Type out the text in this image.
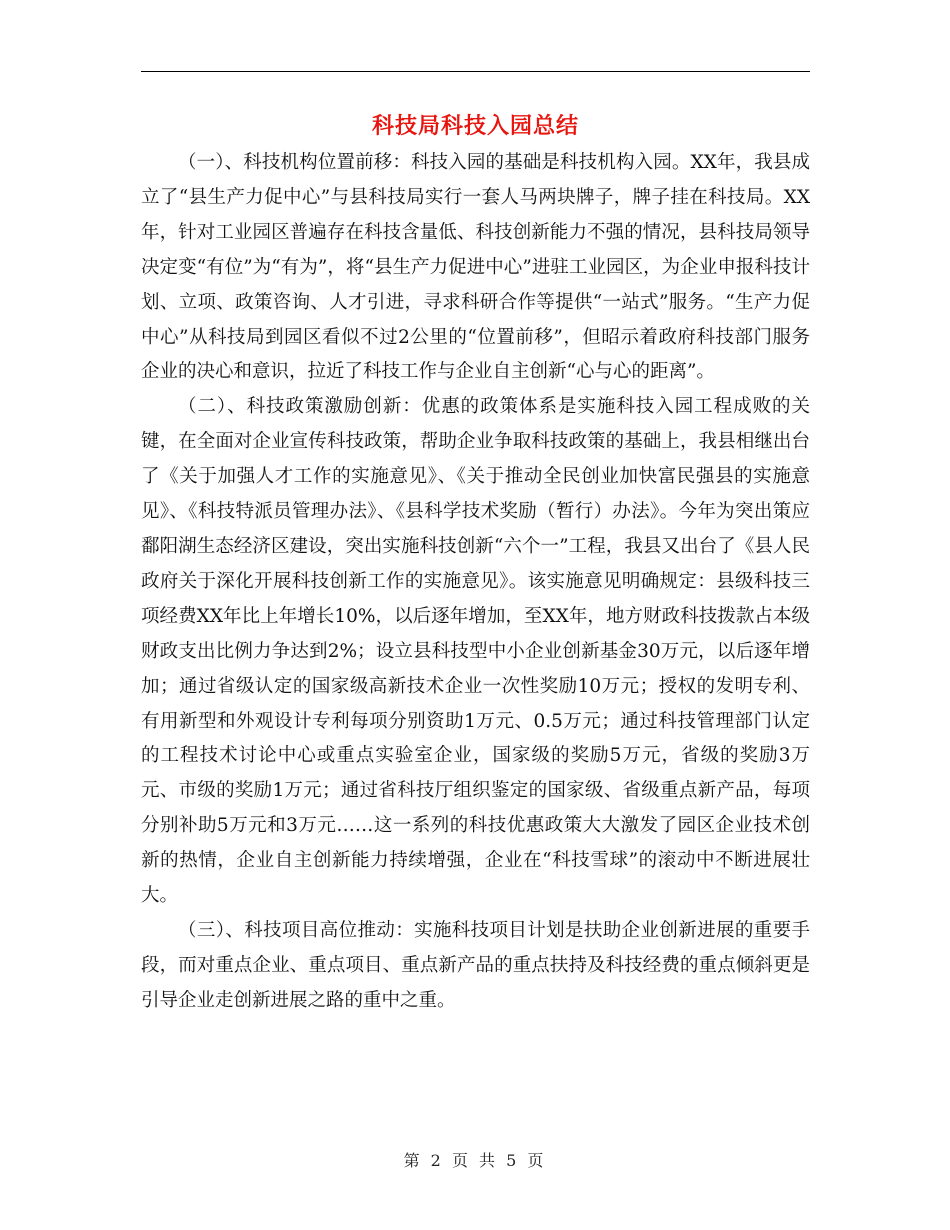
科技局科技入园总结

（一）、科技机构位置前移：科技入园的基础是科技机构入园。XX年，我县成立了“县生产力促中心”与县科技局实行一套人马两块牌子，牌子挂在科技局。XX年，针对工业园区普遍存在科技含量低、科技创新能力不强的情况，县科技局领导决定变“有位”为“有为”，将“县生产力促进中心”进驻工业园区，为企业申报科技计划、立项、政策咨询、人才引进，寻求科研合作等提供“一站式”服务。“生产力促中心”从科技局到园区看似不过2公里的“位置前移”，但昭示着政府科技部门服务企业的决心和意识，拉近了科技工作与企业自主创新“心与心的距离”。

（二）、科技政策激励创新：优惠的政策体系是实施科技入园工程成败的关键，在全面对企业宣传科技政策，帮助企业争取科技政策的基础上，我县相继出台了《关于加强人才工作的实施意见》、《关于推动全民创业加快富民强县的实施意见》、《科技特派员管理办法》、《县科学技术奖励（暂行）办法》。今年为突出策应鄱阳湖生态经济区建设，突出实施科技创新“六个一”工程，我县又出台了《县人民政府关于深化开展科技创新工作的实施意见》。该实施意见明确规定：县级科技三项经费XX年比上年增长10%，以后逐年增加，至XX年，地方财政科技拨款占本级财政支出比例力争达到2%；设立县科技型中小企业创新基金30万元，以后逐年增加；通过省级认定的国家级高新技术企业一次性奖励10万元；授权的发明专利、有用新型和外观设计专利每项分别资助1万元、0.5万元；通过科技管理部门认定的工程技术讨论中心或重点实验室企业，国家级的奖励5万元，省级的奖励3万元、市级的奖励1万元；通过省科技厅组织鉴定的国家级、省级重点新产品，每项分别补助5万元和3万元……这一系列的科技优惠政策大大激发了园区企业技术创新的热情，企业自主创新能力持续增强，企业在“科技雪球”的滚动中不断进展壮大。

（三）、科技项目高位推动：实施科技项目计划是扶助企业创新进展的重要手段，而对重点企业、重点项目、重点新产品的重点扶持及科技经费的重点倾斜更是引导企业走创新进展之路的重中之重。

第 2 页 共 5 页
